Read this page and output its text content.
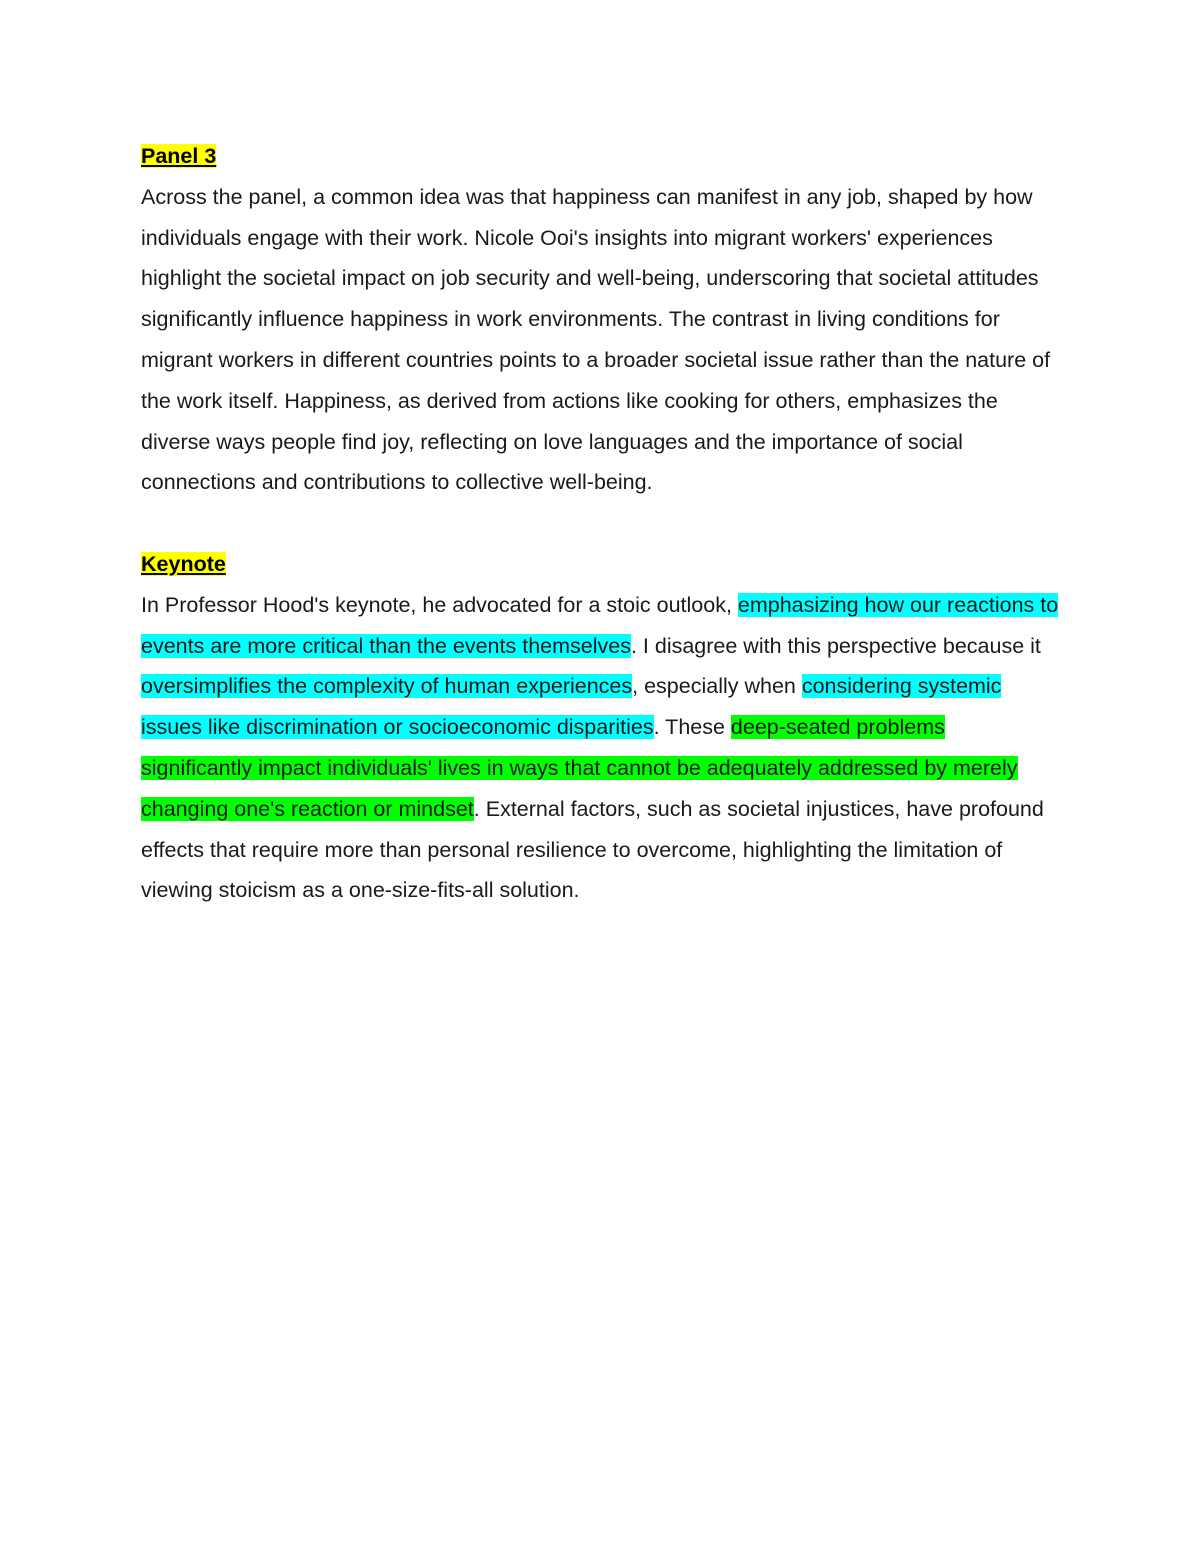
Panel 3

Across the panel, a common idea was that happiness can manifest in any job, shaped by how individuals engage with their work. Nicole Ooi's insights into migrant workers' experiences highlight the societal impact on job security and well-being, underscoring that societal attitudes significantly influence happiness in work environments. The contrast in living conditions for migrant workers in different countries points to a broader societal issue rather than the nature of the work itself. Happiness, as derived from actions like cooking for others, emphasizes the diverse ways people find joy, reflecting on love languages and the importance of social connections and contributions to collective well-being.

Keynote

In Professor Hood's keynote, he advocated for a stoic outlook, emphasizing how our reactions to events are more critical than the events themselves. I disagree with this perspective because it oversimplifies the complexity of human experiences, especially when considering systemic issues like discrimination or socioeconomic disparities. These deep-seated problems significantly impact individuals' lives in ways that cannot be adequately addressed by merely changing one's reaction or mindset. External factors, such as societal injustices, have profound effects that require more than personal resilience to overcome, highlighting the limitation of viewing stoicism as a one-size-fits-all solution.
